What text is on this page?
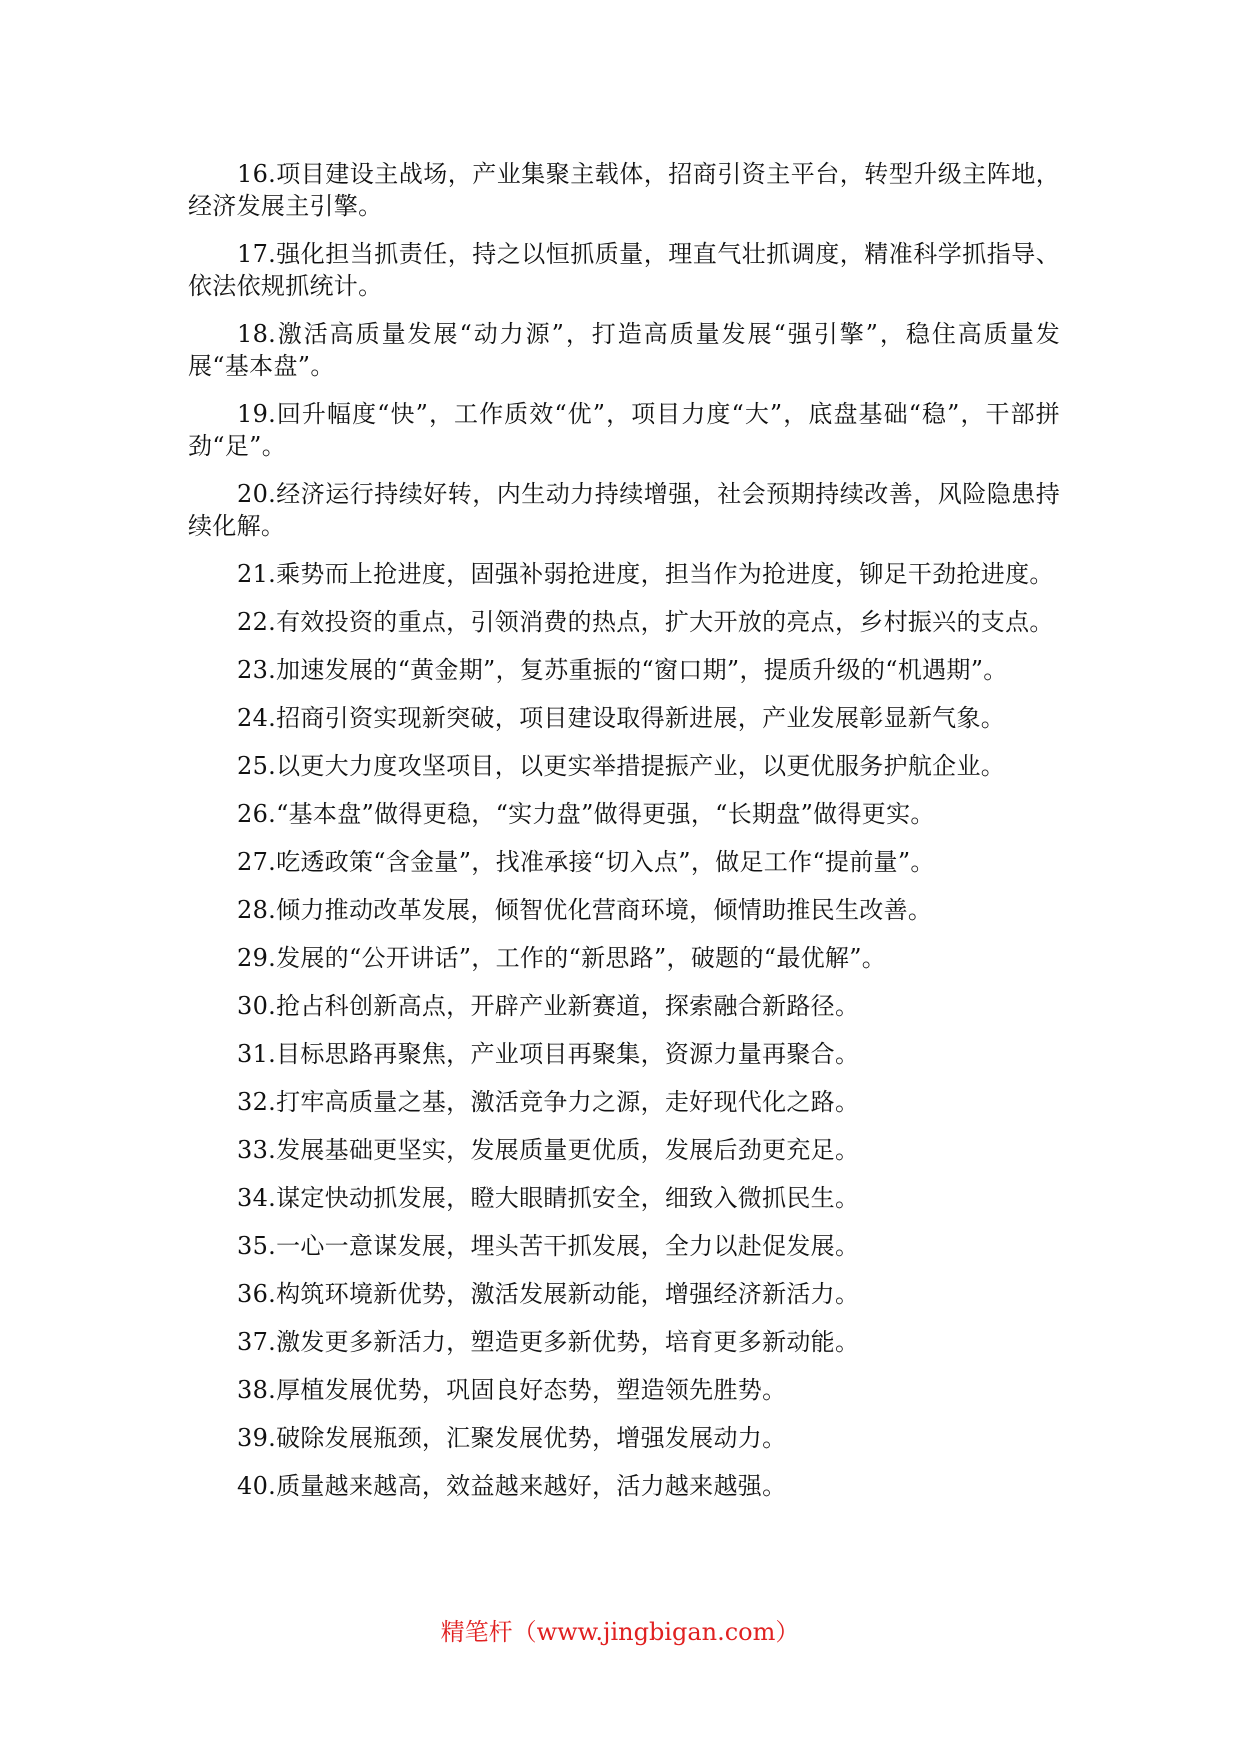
16.项目建设主战场，产业集聚主载体，招商引资主平台，转型升级主阵地，经济发展主引擎。

17.强化担当抓责任，持之以恒抓质量，理直气壮抓调度，精准科学抓指导、依法依规抓统计。

18.激活高质量发展“动力源”，打造高质量发展“强引擎”，稳住高质量发展“基本盘”。

19.回升幅度“快”，工作质效“优”，项目力度“大”，底盘基础“稳”，干部拼劲“足”。

20.经济运行持续好转，内生动力持续增强，社会预期持续改善，风险隐患持续化解。

21.乘势而上抢进度，固强补弱抢进度，担当作为抢进度，铆足干劲抢进度。

22.有效投资的重点，引领消费的热点，扩大开放的亮点，乡村振兴的支点。

23.加速发展的“黄金期”，复苏重振的“窗口期”，提质升级的“机遇期”。

24.招商引资实现新突破，项目建设取得新进展，产业发展彰显新气象。

25.以更大力度攻坚项目，以更实举措提振产业，以更优服务护航企业。

26.“基本盘”做得更稳，“实力盘”做得更强，“长期盘”做得更实。

27.吃透政策“含金量”，找准承接“切入点”，做足工作“提前量”。

28.倾力推动改革发展，倾智优化营商环境，倾情助推民生改善。

29.发展的“公开讲话”，工作的“新思路”，破题的“最优解”。

30.抢占科创新高点，开辟产业新赛道，探索融合新路径。

31.目标思路再聚焦，产业项目再聚集，资源力量再聚合。

32.打牢高质量之基，激活竞争力之源，走好现代化之路。

33.发展基础更坚实，发展质量更优质，发展后劲更充足。

34.谋定快动抓发展，瞪大眼睛抓安全，细致入微抓民生。

35.一心一意谋发展，埋头苦干抓发展，全力以赴促发展。

36.构筑环境新优势，激活发展新动能，增强经济新活力。

37.激发更多新活力，塑造更多新优势，培育更多新动能。

38.厚植发展优势，巩固良好态势，塑造领先胜势。

39.破除发展瓶颈，汇聚发展优势，增强发展动力。

40.质量越来越高，效益越来越好，活力越来越强。

精笔杆（www.jingbigan.com）
